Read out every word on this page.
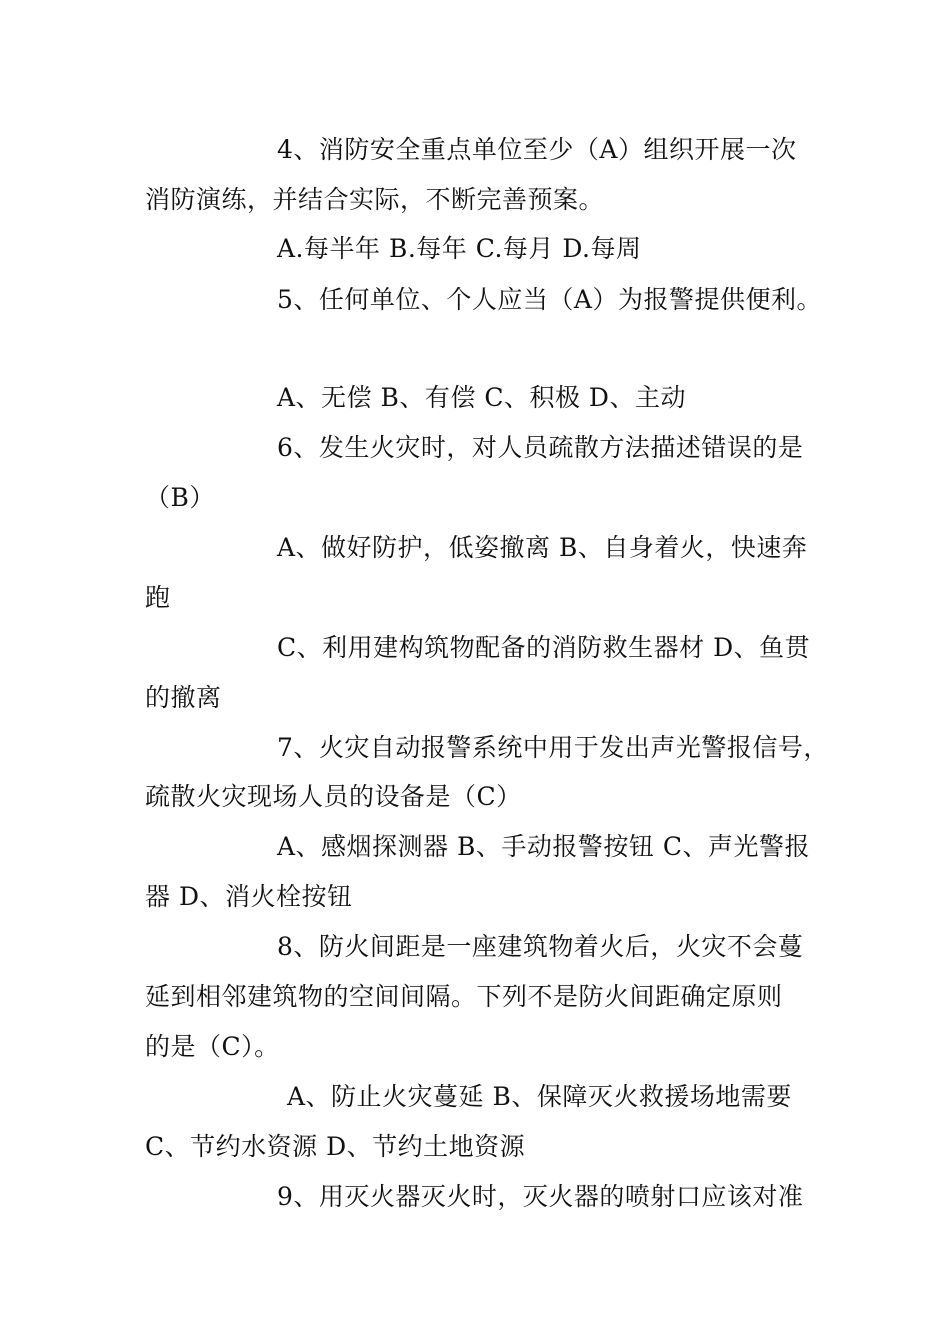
4、消防安全重点单位至少（A）组织开展一次
消防演练，并结合实际，不断完善预案。
A.每半年 B.每年 C.每月 D.每周
5、任何单位、个人应当（A）为报警提供便利。
A、无偿 B、有偿 C、积极 D、主动
6、发生火灾时，对人员疏散方法描述错误的是
（B）
A、做好防护，低姿撤离 B、自身着火，快速奔
跑
C、利用建构筑物配备的消防救生器材 D、鱼贯
的撤离
7、火灾自动报警系统中用于发出声光警报信号，
疏散火灾现场人员的设备是（C）
A、感烟探测器 B、手动报警按钮 C、声光警报
器 D、消火栓按钮
8、防火间距是一座建筑物着火后，火灾不会蔓
延到相邻建筑物的空间间隔。下列不是防火间距确定原则
的是（C）。
A、防止火灾蔓延 B、保障灭火救援场地需要
C、节约水资源 D、节约土地资源
9、用灭火器灭火时，灭火器的喷射口应该对准
